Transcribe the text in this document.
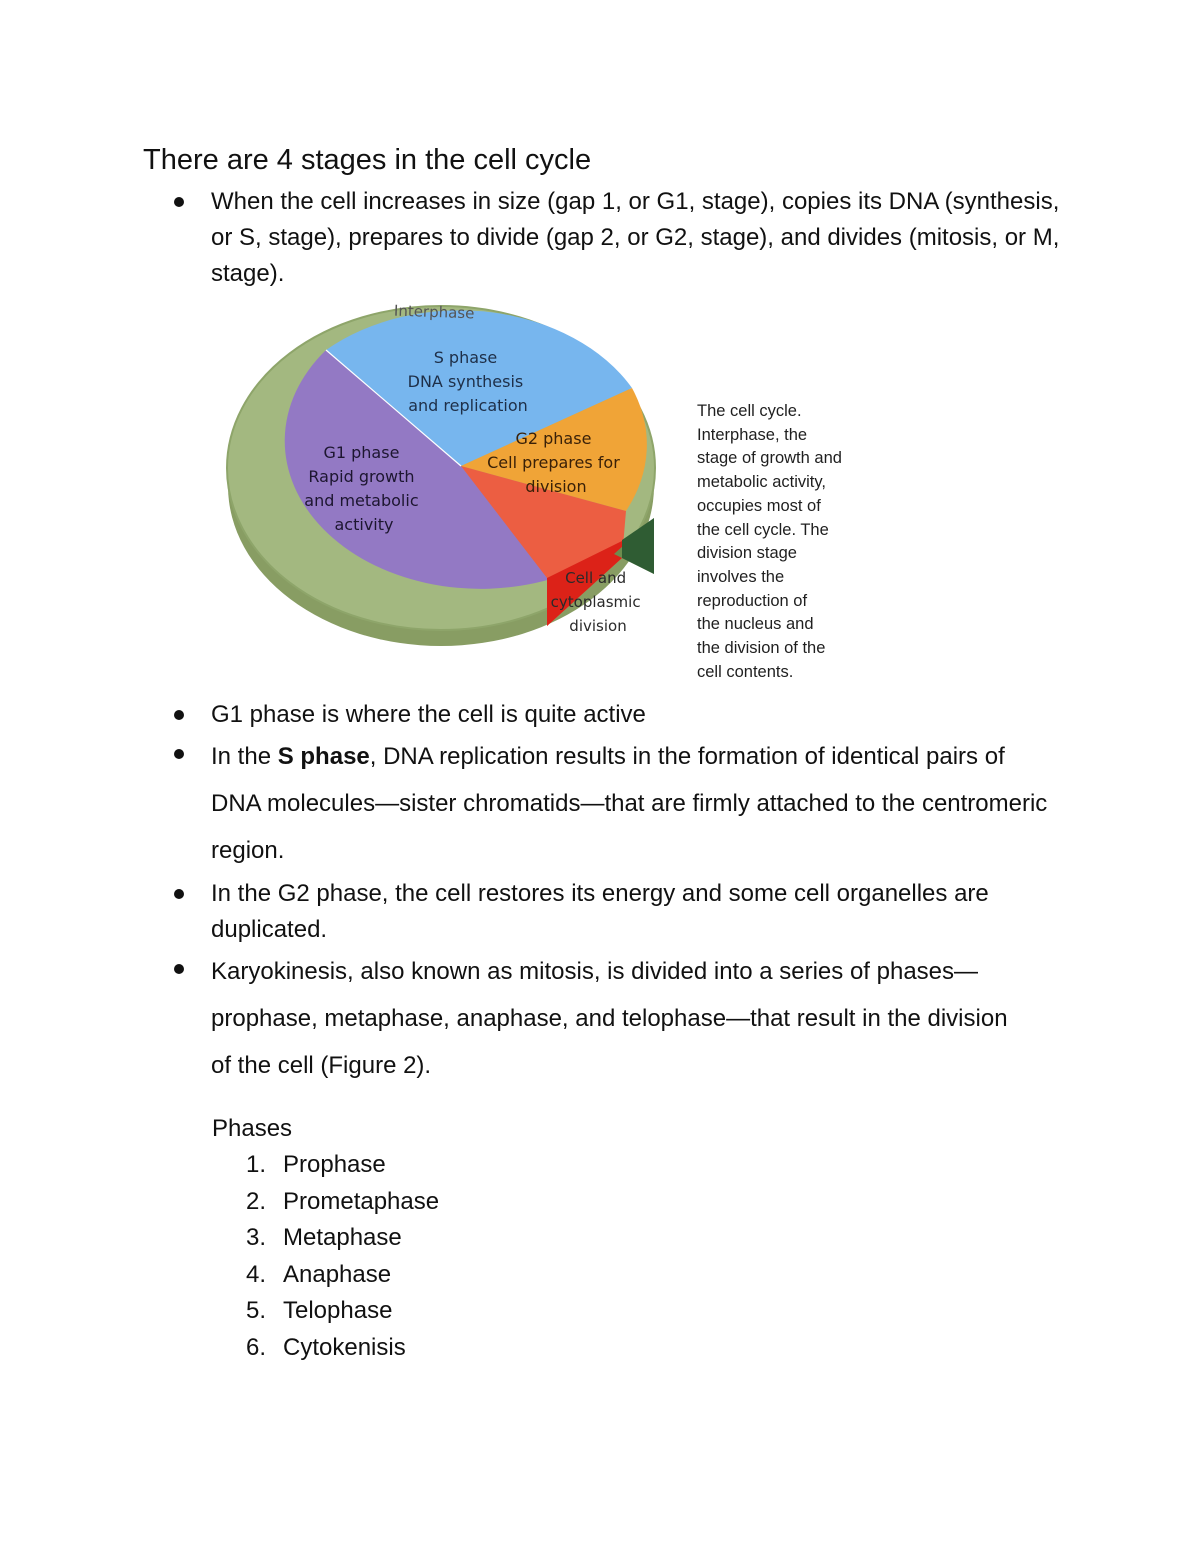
There are 4 stages in the cell cycle
When the cell increases in size (gap 1, or G1, stage), copies its DNA (synthesis, or S, stage), prepares to divide (gap 2, or G2, stage), and divides (mitosis, or M, stage).
Interphase
S phase DNA synthesis and replication
G1 phase Rapid growth and metabolic activity
G2 phase Cell prepares for division
Cell and cytoplasmic division
The cell cycle.
Interphase, the
stage of growth and
metabolic activity,
occupies most of
the cell cycle. The
division stage
involves the
reproduction of
the nucleus and
the division of the
cell contents.
G1 phase is where the cell is quite active
In the S phase, DNA replication results in the formation of identical pairs of DNA molecules—sister chromatids—that are firmly attached to the centromeric region.
In the G2 phase, the cell restores its energy and some cell organelles are duplicated.
Karyokinesis, also known as mitosis, is divided into a series of phases—prophase, metaphase, anaphase, and telophase—that result in the division of the cell (Figure 2).
Phases
1. Prophase
2. Prometaphase
3. Metaphase
4. Anaphase
5. Telophase
6. Cytokenisis
